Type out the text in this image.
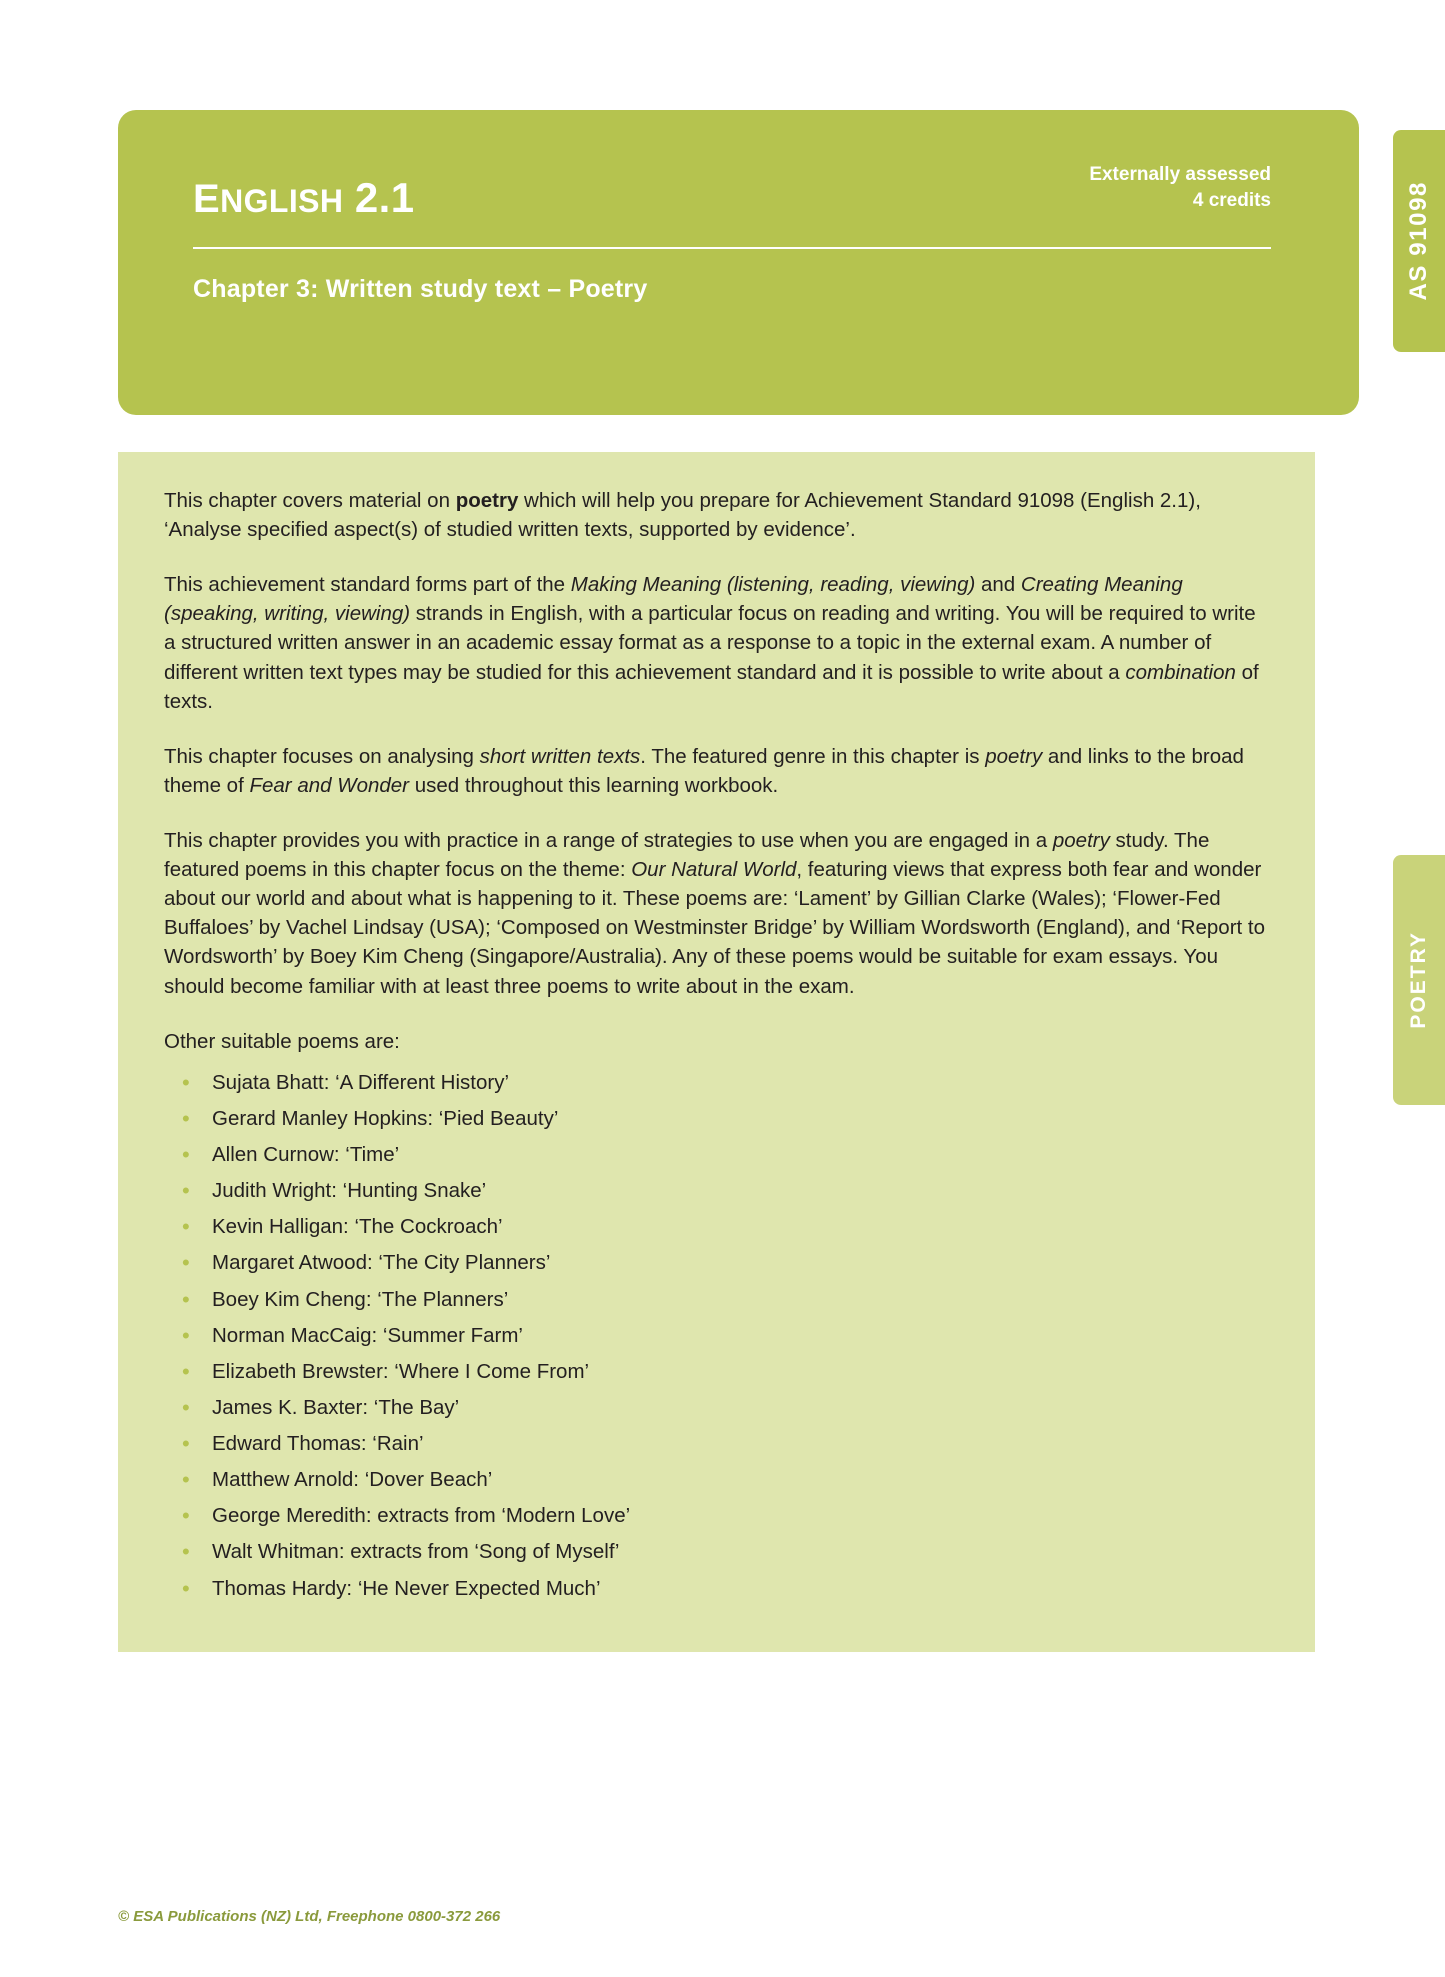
AS 91098
POETRY
ENGLISH 2.1	Externally assessed
4 credits
Chapter 3: Written study text – Poetry

This chapter covers material on poetry which will help you prepare for Achievement Standard 91098 (English 2.1), ‘Analyse specified aspect(s) of studied written texts, supported by evidence’.

This achievement standard forms part of the Making Meaning (listening, reading, viewing) and Creating Meaning (speaking, writing, viewing) strands in English, with a particular focus on reading and writing. You will be required to write a structured written answer in an academic essay format as a response to a topic in the external exam. A number of different written text types may be studied for this achievement standard and it is possible to write about a combination of texts.

This chapter focuses on analysing short written texts. The featured genre in this chapter is poetry and links to the broad theme of Fear and Wonder used throughout this learning workbook.

This chapter provides you with practice in a range of strategies to use when you are engaged in a poetry study. The featured poems in this chapter focus on the theme: Our Natural World, featuring views that express both fear and wonder about our world and about what is happening to it. These poems are: ‘Lament’ by Gillian Clarke (Wales); ‘Flower-Fed Buffaloes’ by Vachel Lindsay (USA); ‘Composed on Westminster Bridge’ by William Wordsworth (England), and ‘Report to Wordsworth’ by Boey Kim Cheng (Singapore/Australia). Any of these poems would be suitable for exam essays. You should become familiar with at least three poems to write about in the exam.

Other suitable poems are:

• Sujata Bhatt: ‘A Different History’
• Gerard Manley Hopkins: ‘Pied Beauty’
• Allen Curnow: ‘Time’
• Judith Wright: ‘Hunting Snake’
• Kevin Halligan: ‘The Cockroach’
• Margaret Atwood: ‘The City Planners’
• Boey Kim Cheng: ‘The Planners’
• Norman MacCaig: ‘Summer Farm’
• Elizabeth Brewster: ‘Where I Come From’
• James K. Baxter: ‘The Bay’
• Edward Thomas: ‘Rain’
• Matthew Arnold: ‘Dover Beach’
• George Meredith: extracts from ‘Modern Love’
• Walt Whitman: extracts from ‘Song of Myself’
• Thomas Hardy: ‘He Never Expected Much’
© ESA Publications (NZ) Ltd, Freephone 0800-372 266
